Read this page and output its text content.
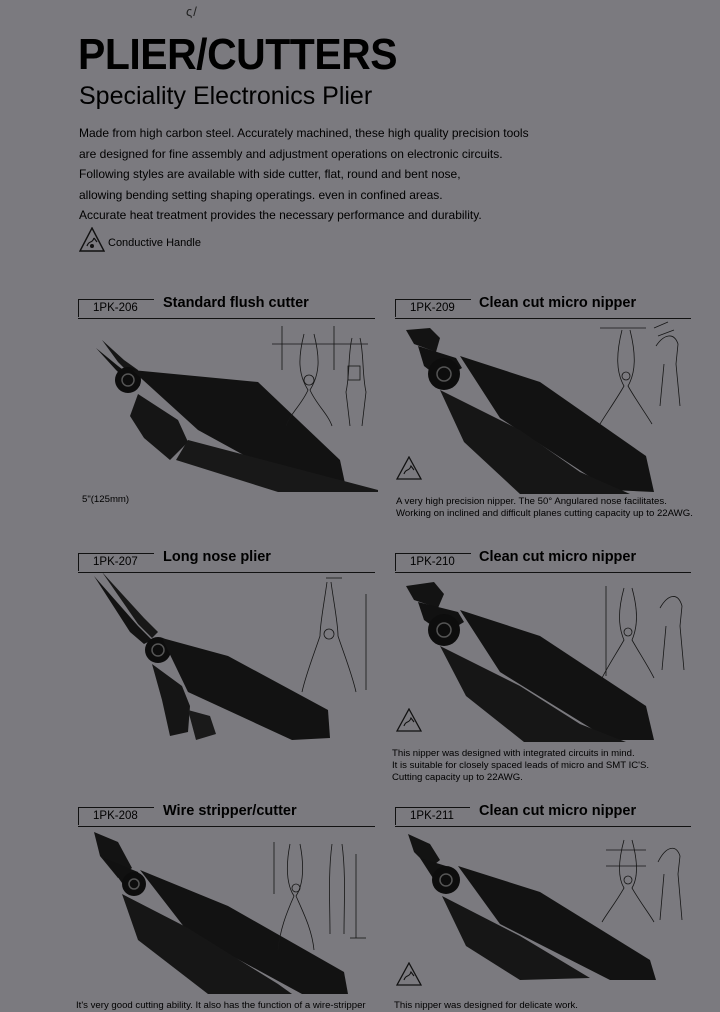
ς/
PLIER/CUTTERS
Speciality Electronics Plier
Made from high carbon steel. Accurately machined, these high quality precision tools
are designed for fine assembly and adjustment operations on electronic circuits.
Following styles are available with side cutter, flat, round and bent nose,
allowing bending setting shaping operatings. even in confined areas.
Accurate heat treatment provides the necessary performance and durability.
Conductive Handle
1PK-206	Standard flush cutter
5"(125mm)
1PK-209	Clean cut micro nipper
A very high precision nipper. The 50° Angulared nose facilitates.
Working on inclined and difficult planes cutting capacity up to 22AWG.
1PK-207	Long nose plier	1PK-210	Clean cut micro nipper
This nipper was designed with integrated circuits in mind.
It is suitable for closely spaced leads of micro and SMT IC'S.
Cutting capacity up to 22AWG.
1PK-208	Wire stripper/cutter
It's very good cutting ability. It also has the function of a wire-stripper
1PK-211	Clean cut micro nipper
This nipper was designed for delicate work.
